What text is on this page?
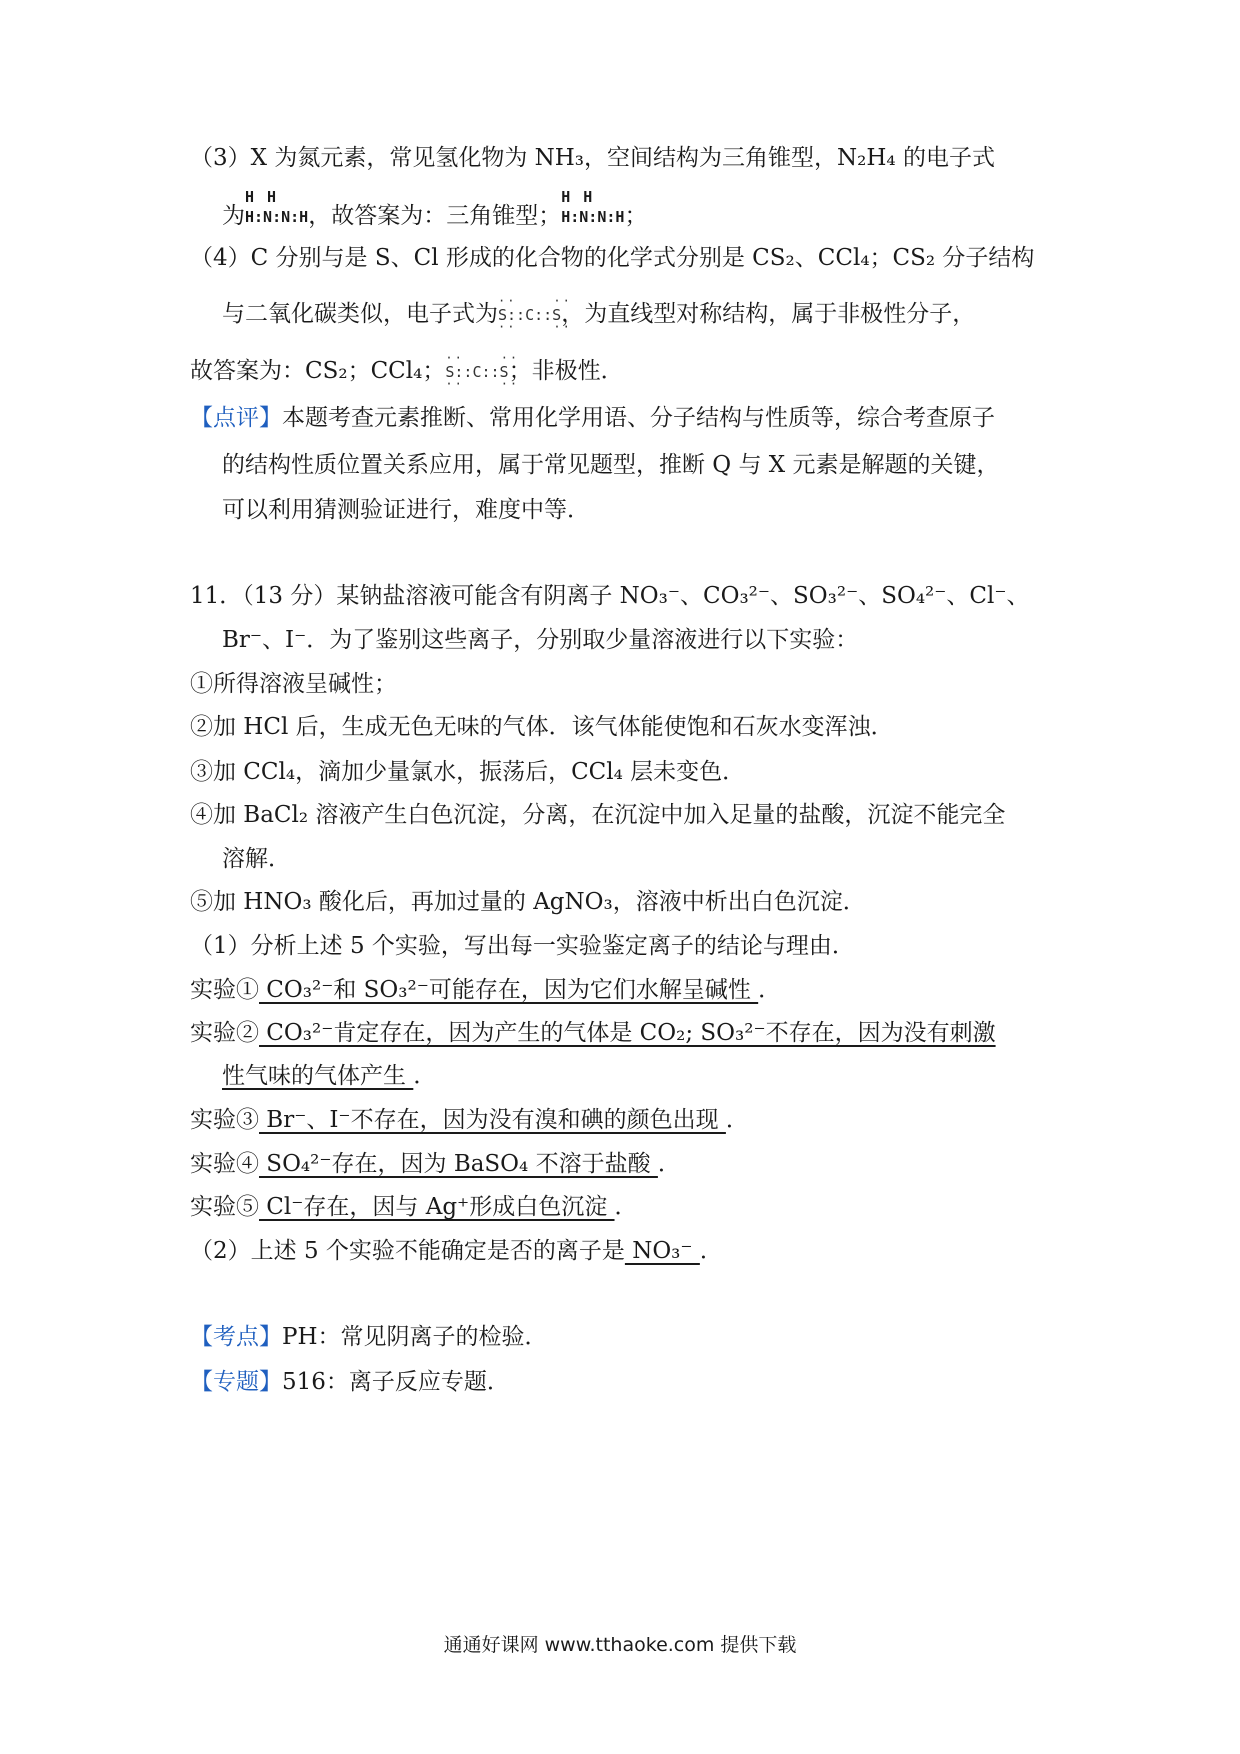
（3）X 为氮元素，常见氢化物为 NH₃，空间结构为三角锥型，N₂H₄ 的电子式
为
H H
H:N:N:H，故答案为：三角锥型；
H H
H:N:N:H；
（4）C 分别与是 S、Cl 形成的化合物的化学式分别是 CS₂、CCl₄；CS₂ 分子结构
与二氧化碳类似，电子式为 ··    ··
S::C::S
··    ··
，为直线型对称结构，属于非极性分子，
故答案为：CS₂；CCl₄； ··    ··
S::C::S
··    ··
；非极性．
【点评】本题考查元素推断、常用化学用语、分子结构与性质等，综合考查原子
的结构性质位置关系应用，属于常见题型，推断 Q 与 X 元素是解题的关键，
可以利用猜测验证进行，难度中等．
11．（13 分）某钠盐溶液可能含有阴离子 NO₃⁻、CO₃²⁻、SO₃²⁻、SO₄²⁻、Cl⁻、
Br⁻、I⁻．为了鉴别这些离子，分别取少量溶液进行以下实验：
①所得溶液呈碱性；
②加 HCl 后，生成无色无味的气体．该气体能使饱和石灰水变浑浊．
③加 CCl₄，滴加少量氯水，振荡后，CCl₄ 层未变色．
④加 BaCl₂ 溶液产生白色沉淀，分离，在沉淀中加入足量的盐酸，沉淀不能完全
溶解．
⑤加 HNO₃ 酸化后，再加过量的 AgNO₃，溶液中析出白色沉淀．
（1）分析上述 5 个实验，写出每一实验鉴定离子的结论与理由．
实验① CO₃²⁻和 SO₃²⁻可能存在，因为它们水解呈碱性 ．
实验② CO₃²⁻肯定存在，因为产生的气体是 CO₂; SO₃²⁻不存在，因为没有刺激
性气味的气体产生 ．
实验③ Br⁻、I⁻不存在，因为没有溴和碘的颜色出现 ．
实验④ SO₄²⁻存在，因为 BaSO₄ 不溶于盐酸 ．
实验⑤ Cl⁻存在，因与 Ag⁺形成白色沉淀 ．
（2）上述 5 个实验不能确定是否的离子是 NO₃⁻ ．
【考点】PH：常见阴离子的检验．
【专题】516：离子反应专题．
通通好课网 www.tthaoke.com 提供下载
